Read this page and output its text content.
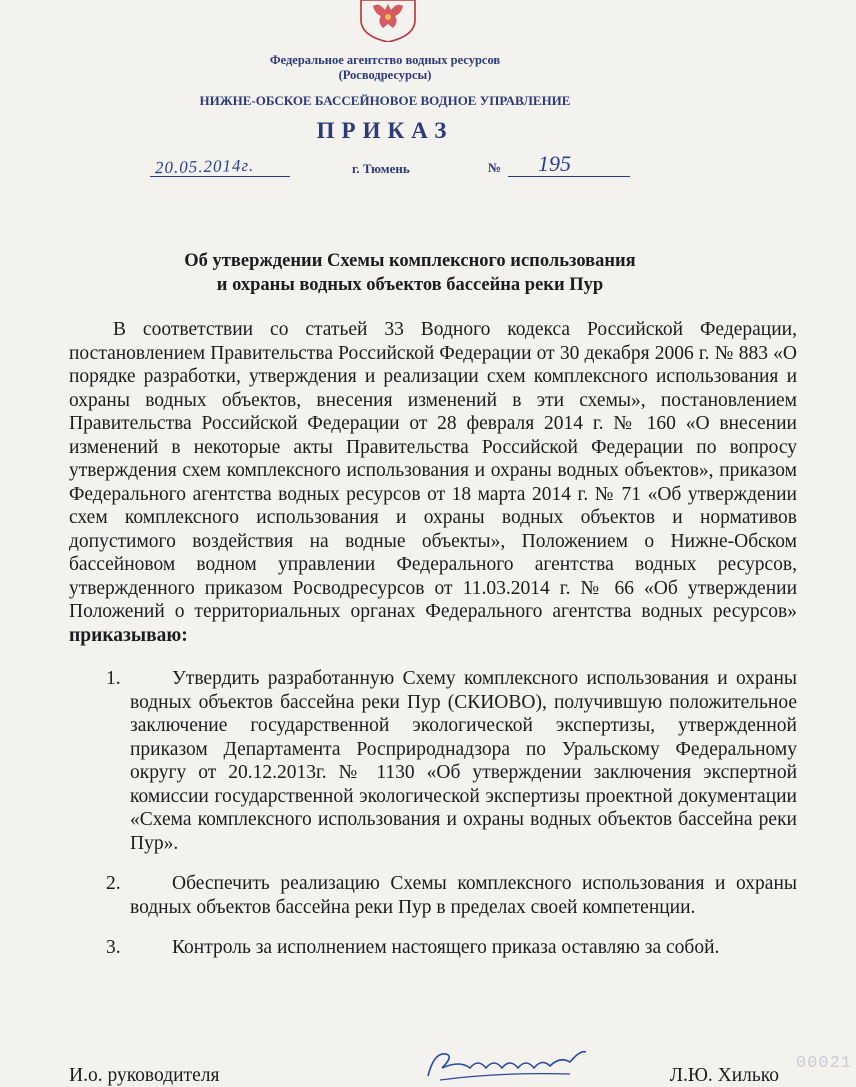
Федеральное агентство водных ресурсов
(Росводресурсы)
НИЖНЕ-ОБСКОЕ БАССЕЙНОВОЕ ВОДНОЕ УПРАВЛЕНИЕ
ПРИКАЗ
20.05.2014г.	г. Тюмень	№ 195
Об утверждении Схемы комплексного использования
и охраны водных объектов бассейна реки Пур

В соответствии со статьей 33 Водного кодекса Российской Федерации, постановлением Правительства Российской Федерации от 30 декабря 2006 г. № 883 «О порядке разработки, утверждения и реализации схем комплексного использования и охраны водных объектов, внесения изменений в эти схемы», постановлением Правительства Российской Федерации от 28 февраля 2014 г. № 160 «О внесении изменений в некоторые акты Правительства Российской Федерации по вопросу утверждения схем комплексного использования и охраны водных объектов», приказом Федерального агентства водных ресурсов от 18 марта 2014 г. № 71 «Об утверждении схем комплексного использования и охраны водных объектов и нормативов допустимого воздействия на водные объекты», Положением о Нижне-Обском бассейновом водном управлении Федерального агентства водных ресурсов, утвержденного приказом Росводресурсов от 11.03.2014 г. № 66 «Об утверждении Положений о территориальных органах Федерального агентства водных ресурсов» приказываю:

1.	Утвердить разработанную Схему комплексного использования и охраны водных объектов бассейна реки Пур (СКИОВО), получившую положительное заключение государственной экологической экспертизы, утвержденной приказом Департамента Росприроднадзора по Уральскому Федеральному округу от 20.12.2013г. № 1130 «Об утверждении заключения экспертной комиссии государственной экологической экспертизы проектной документации «Схема комплексного использования и охраны водных объектов бассейна реки Пур».
2.	Обеспечить реализацию Схемы комплексного использования и охраны водных объектов бассейна реки Пур в пределах своей компетенции.
3.	Контроль за исполнением настоящего приказа оставляю за собой.
И.о. руководителя	Л.Ю. Хилько
00021
